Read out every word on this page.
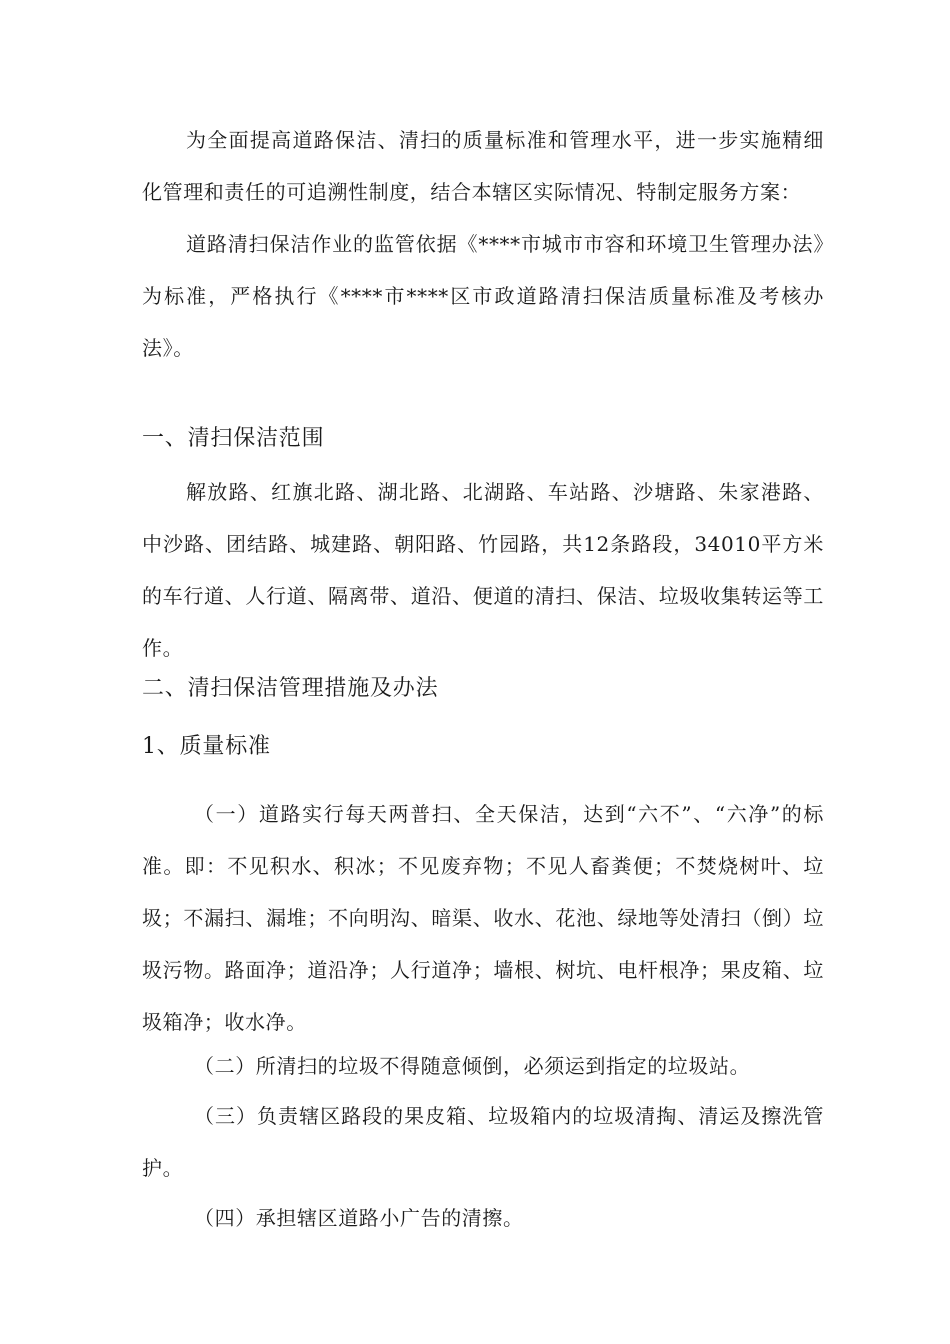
为全面提高道路保洁、清扫的质量标准和管理水平，进一步实施精细化管理和责任的可追溯性制度，结合本辖区实际情况、特制定服务方案：

道路清扫保洁作业的监管依据《****市城市市容和环境卫生管理办法》为标准，严格执行《****市****区市政道路清扫保洁质量标准及考核办法》。

一、清扫保洁范围

解放路、红旗北路、湖北路、北湖路、车站路、沙塘路、朱家港路、中沙路、团结路、城建路、朝阳路、竹园路，共12条路段，34010平方米的车行道、人行道、隔离带、道沿、便道的清扫、保洁、垃圾收集转运等工作。

二、清扫保洁管理措施及办法
1、质量标准

（一）道路实行每天两普扫、全天保洁，达到“六不”、“六净”的标准。即：不见积水、积冰；不见废弃物；不见人畜粪便；不焚烧树叶、垃圾；不漏扫、漏堆；不向明沟、暗渠、收水、花池、绿地等处清扫（倒）垃圾污物。路面净；道沿净；人行道净；墙根、树坑、电杆根净；果皮箱、垃圾箱净；收水净。

（二）所清扫的垃圾不得随意倾倒，必须运到指定的垃圾站。

（三）负责辖区路段的果皮箱、垃圾箱内的垃圾清掏、清运及擦洗管护。

（四）承担辖区道路小广告的清擦。
